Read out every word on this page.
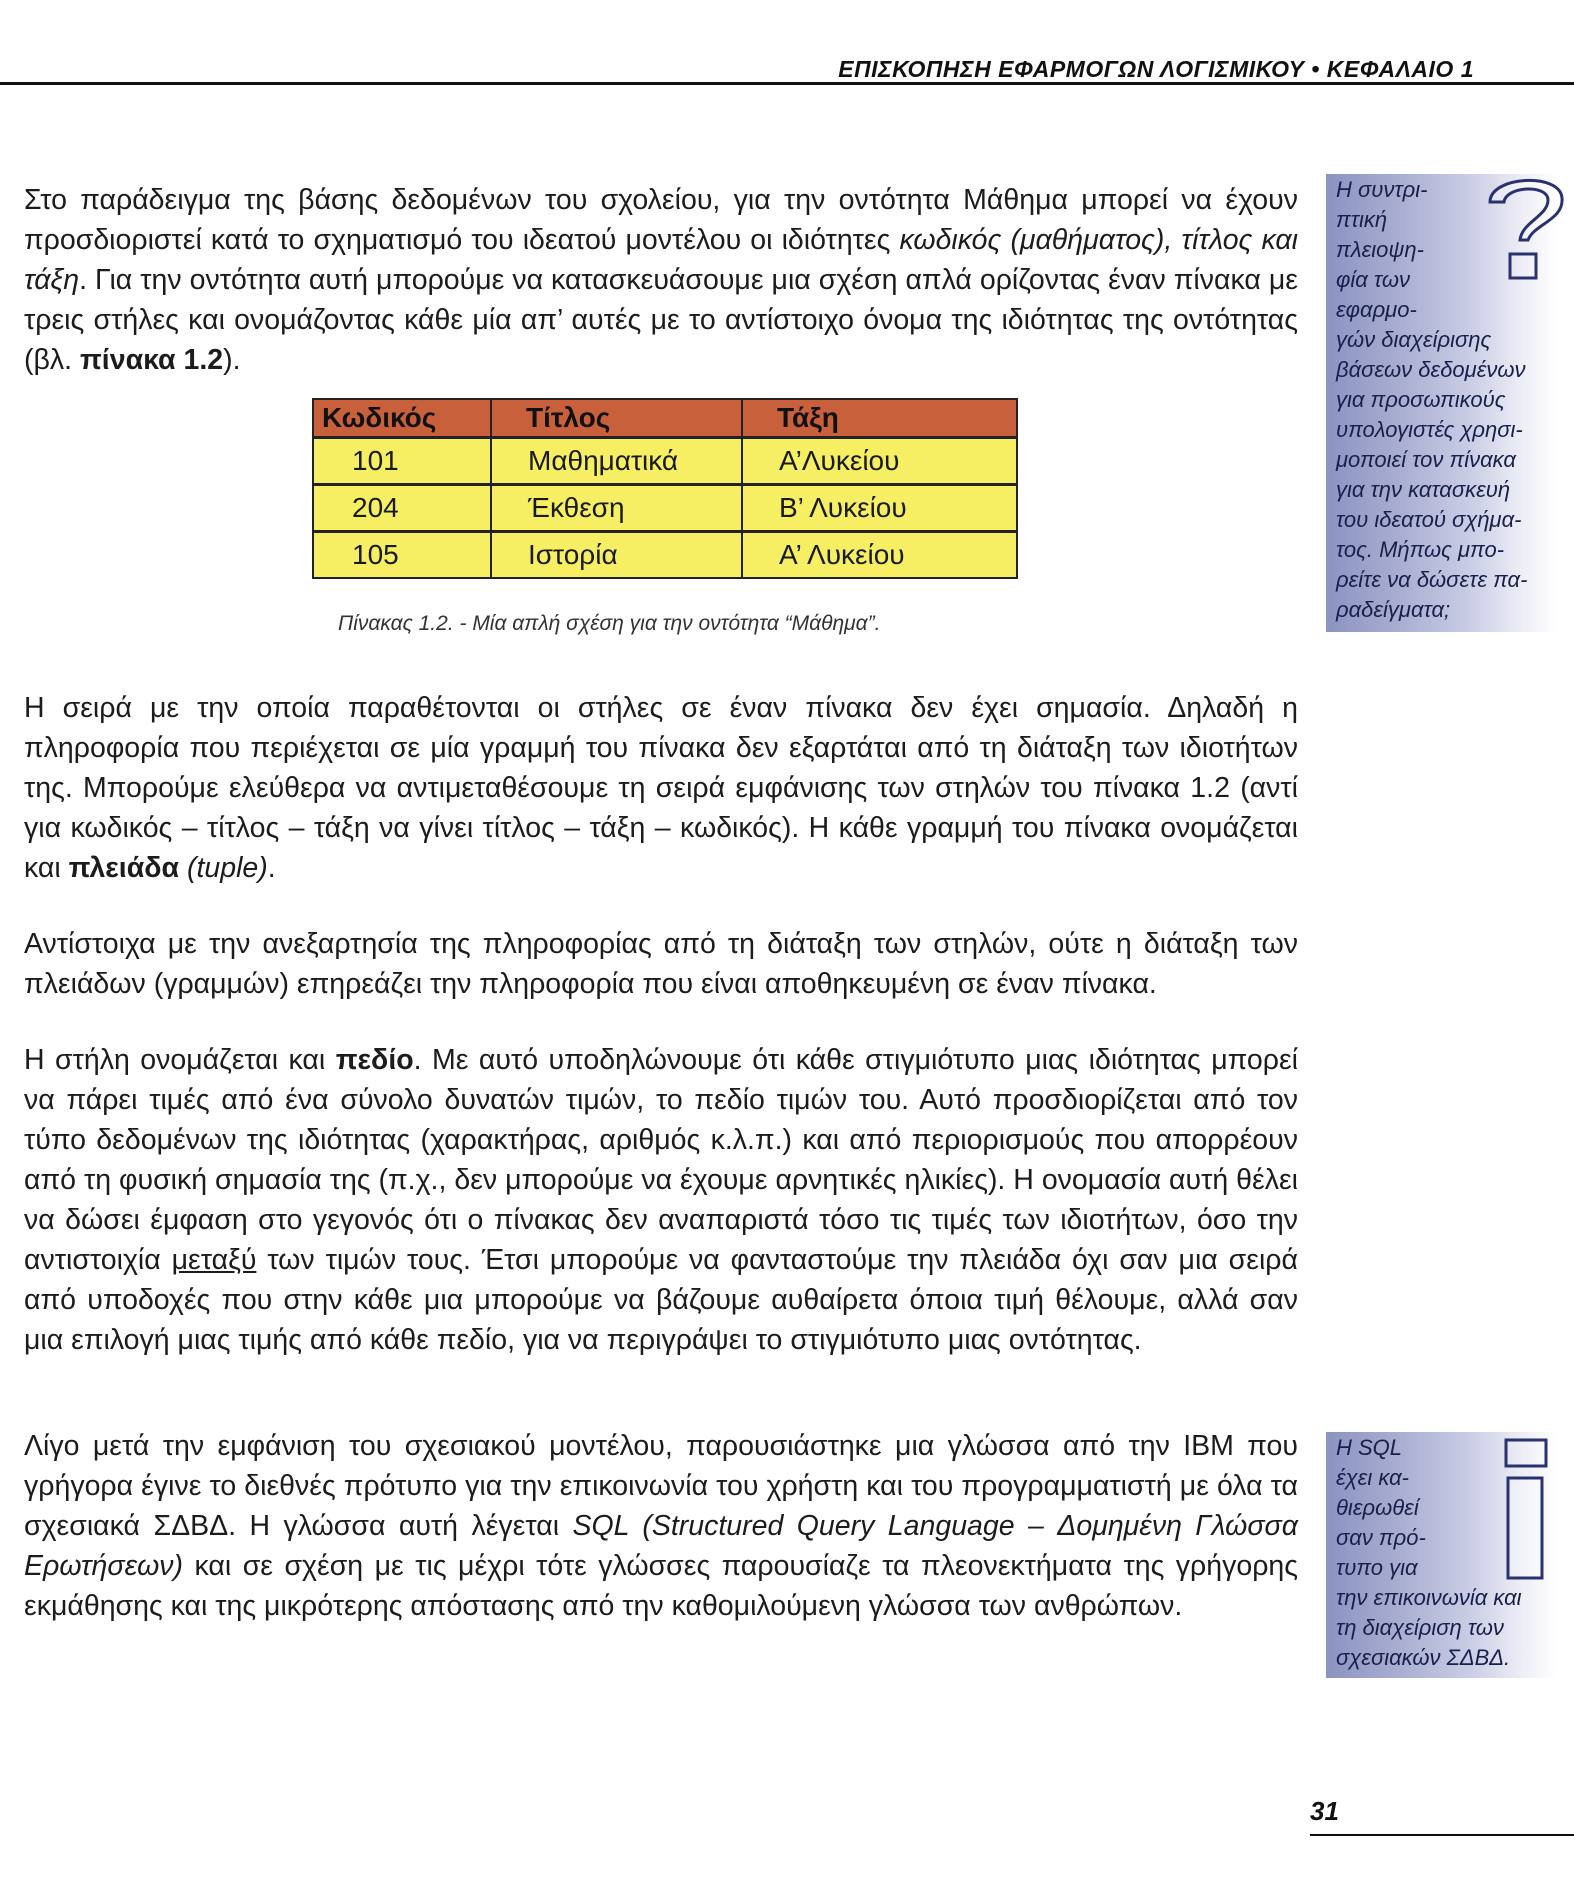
ΕΠΙΣΚΟΠΗΣΗ ΕΦΑΡΜΟΓΩΝ ΛΟΓΙΣΜΙΚΟΥ • ΚΕΦΑΛΑΙΟ 1

Στο παράδειγμα της βάσης δεδομένων του σχολείου, για την οντότητα Μάθημα μπορεί να έχουν προσδιοριστεί κατά το σχηματισμό του ιδεατού μοντέλου οι ιδιότητες κωδικός (μαθήματος), τίτλος και τάξη. Για την οντότητα αυτή μπορούμε να κατασκευάσουμε μια σχέση απλά ορίζοντας έναν πίνακα με τρεις στήλες και ονομάζοντας κάθε μία απ’ αυτές με το αντίστοιχο όνομα της ιδιότητας της οντότητας (βλ. πίνακα 1.2).

Κωδικός	Τίτλος	Τάξη
101	Μαθηματικά	Α’Λυκείου
204	Έκθεση	Β’ Λυκείου
105	Ιστορία	Α’ Λυκείου
Πίνακας 1.2. - Μία απλή σχέση για την οντότητα “Μάθημα”.

Η σειρά με την οποία παραθέτονται οι στήλες σε έναν πίνακα δεν έχει σημασία. Δηλαδή η πληροφορία που περιέχεται σε μία γραμμή του πίνακα δεν εξαρτάται από τη διάταξη των ιδιοτήτων της. Μπορούμε ελεύθερα να αντιμεταθέσουμε τη σειρά εμφάνισης των στηλών του πίνακα 1.2 (αντί για κωδικός – τίτλος – τάξη να γίνει τίτλος – τάξη – κωδικός). Η κάθε γραμμή του πίνακα ονομάζεται και πλειάδα (tuple).

Αντίστοιχα με την ανεξαρτησία της πληροφορίας από τη διάταξη των στηλών, ούτε η διάταξη των πλειάδων (γραμμών) επηρεάζει την πληροφορία που είναι αποθηκευμένη σε έναν πίνακα.

Η στήλη ονομάζεται και πεδίο. Με αυτό υποδηλώνουμε ότι κάθε στιγμιότυπο μιας ιδιότητας μπορεί να πάρει τιμές από ένα σύνολο δυνατών τιμών, το πεδίο τιμών του. Αυτό προσδιορίζεται από τον τύπο δεδομένων της ιδιότητας (χαρακτήρας, αριθμός κ.λ.π.) και από περιορισμούς που απορρέουν από τη φυσική σημασία της (π.χ., δεν μπορούμε να έχουμε αρνητικές ηλικίες). Η ονομασία αυτή θέλει να δώσει έμφαση στο γεγονός ότι ο πίνακας δεν αναπαριστά τόσο τις τιμές των ιδιοτήτων, όσο την αντιστοιχία μεταξύ των τιμών τους. Έτσι μπορούμε να φανταστούμε την πλειάδα όχι σαν μια σειρά από υποδοχές που στην κάθε μια μπορούμε να βάζουμε αυθαίρετα όποια τιμή θέλουμε, αλλά σαν μια επιλογή μιας τιμής από κάθε πεδίο, για να περιγράψει το στιγμιότυπο μιας οντότητας.

Λίγο μετά την εμφάνιση του σχεσιακού μοντέλου, παρουσιάστηκε μια γλώσσα από την IBM που γρήγορα έγινε το διεθνές πρότυπο για την επικοινωνία του χρήστη και του προγραμματιστή με όλα τα σχεσιακά ΣΔΒΔ. Η γλώσσα αυτή λέγεται SQL (Structured Query Language – Δομημένη Γλώσσα Ερωτήσεων) και σε σχέση με τις μέχρι τότε γλώσσες παρουσίαζε τα πλεονεκτήματα της γρήγορης εκμάθησης και της μικρότερης απόστασης από την καθομιλούμενη γλώσσα των ανθρώπων.

Η συντρι-
πτική
πλειοψη-
φία των
εφαρμο-
γών διαχείρισης
βάσεων δεδομένων
για προσωπικούς
υπολογιστές χρησι-
μοποιεί τον πίνακα
για την κατασκευή
του ιδεατού σχήμα-
τος. Μήπως μπο-
ρείτε να δώσετε πα-
ραδείγματα;
Η SQL
έχει κα-
θιερωθεί
σαν πρό-
τυπο για
την επικοινωνία και
τη διαχείριση των
σχεσιακών ΣΔΒΔ.
31
